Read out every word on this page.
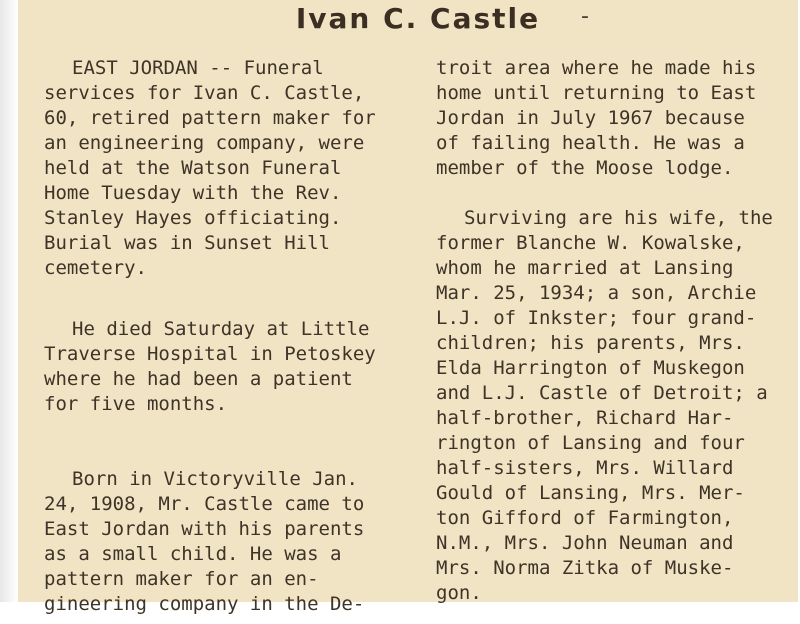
Ivan C. Castle	-
EAST JORDAN -- Funeral
services for Ivan C. Castle,
60, retired pattern maker for
an engineering company, were
held at the Watson Funeral
Home Tuesday with the Rev.
Stanley Hayes officiating.
Burial was in Sunset Hill
cemetery.
He died Saturday at Little
Traverse Hospital in Petoskey
where he had been a patient
for five months.
Born in Victoryville Jan.
24, 1908, Mr. Castle came to
East Jordan with his parents
as a small child. He was a
pattern maker for an en-
gineering company in the De-
troit area where he made his
home until returning to East
Jordan in July 1967 because
of failing health. He was a
member of the Moose lodge.
Surviving are his wife, the
former Blanche W. Kowalske,
whom he married at Lansing
Mar. 25, 1934; a son, Archie
L.J. of Inkster; four grand-
children; his parents, Mrs.
Elda Harrington of Muskegon
and L.J. Castle of Detroit; a
half-brother, Richard Har-
rington of Lansing and four
half-sisters, Mrs. Willard
Gould of Lansing, Mrs. Mer-
ton Gifford of Farmington,
N.M., Mrs. John Neuman and
Mrs. Norma Zitka of Muske-
gon.
